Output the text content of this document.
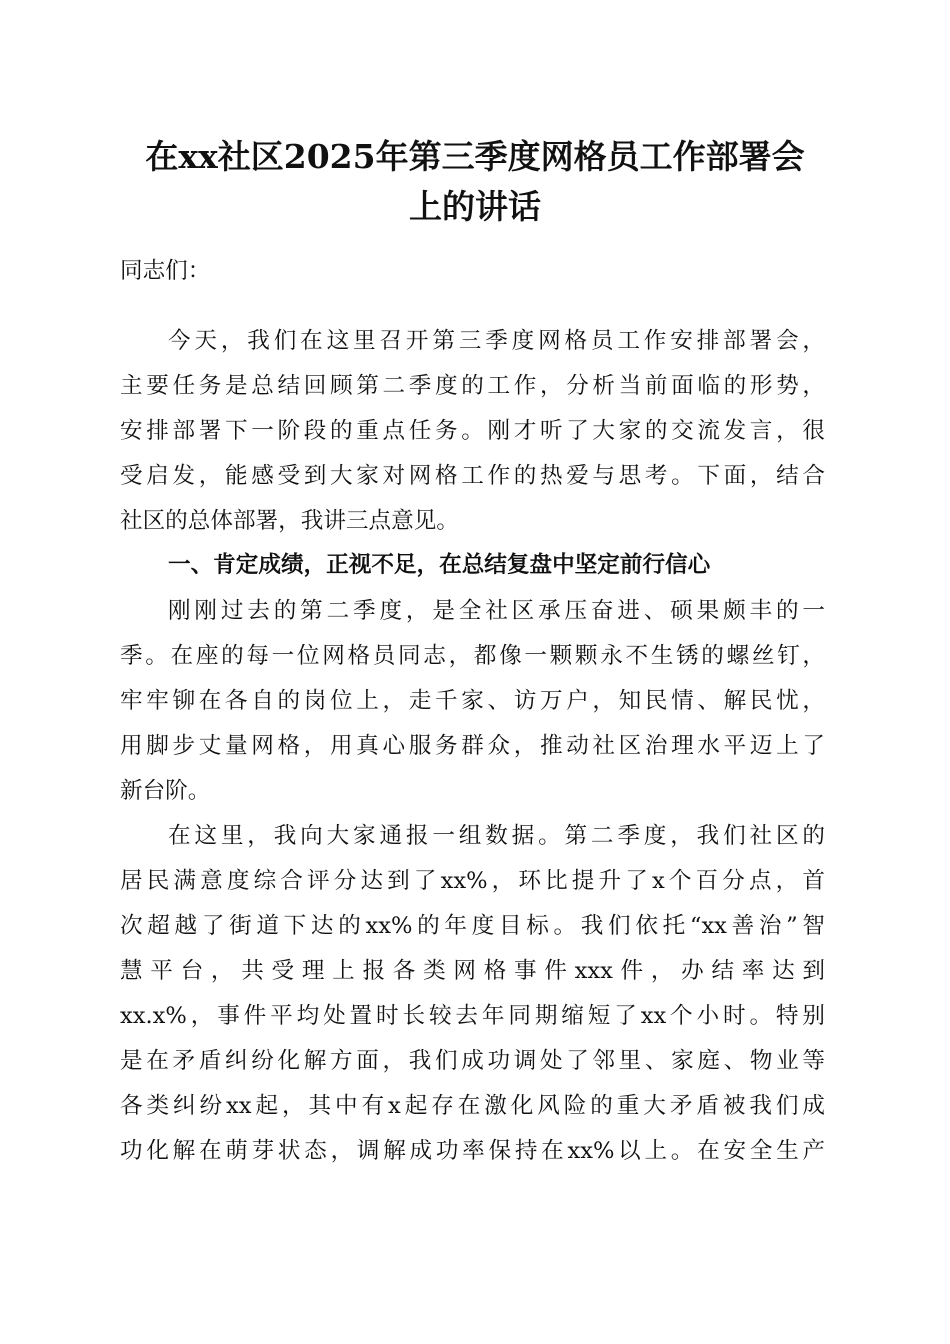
在xx社区2025年第三季度网格员工作部署会
上的讲话

同志们：

今天，我们在这里召开第三季度网格员工作安排部署会，

主要任务是总结回顾第二季度的工作，分析当前面临的形势，

安排部署下一阶段的重点任务。刚才听了大家的交流发言，很

受启发，能感受到大家对网格工作的热爱与思考。下面，结合

社区的总体部署，我讲三点意见。

一、肯定成绩，正视不足，在总结复盘中坚定前行信心

刚刚过去的第二季度，是全社区承压奋进、硕果颇丰的一

季。在座的每一位网格员同志，都像一颗颗永不生锈的螺丝钉，

牢牢铆在各自的岗位上，走千家、访万户，知民情、解民忧，

用脚步丈量网格，用真心服务群众，推动社区治理水平迈上了

新台阶。

在这里，我向大家通报一组数据。第二季度，我们社区的

居民满意度综合评分达到了xx%，环比提升了x个百分点，首

次超越了街道下达的xx%的年度目标。我们依托“xx善治”智

慧平台，共受理上报各类网格事件xxx件，办结率达到

xx.x%，事件平均处置时长较去年同期缩短了xx个小时。特别

是在矛盾纠纷化解方面，我们成功调处了邻里、家庭、物业等

各类纠纷xx起，其中有x起存在激化风险的重大矛盾被我们成

功化解在萌芽状态，调解成功率保持在xx%以上。在安全生产
